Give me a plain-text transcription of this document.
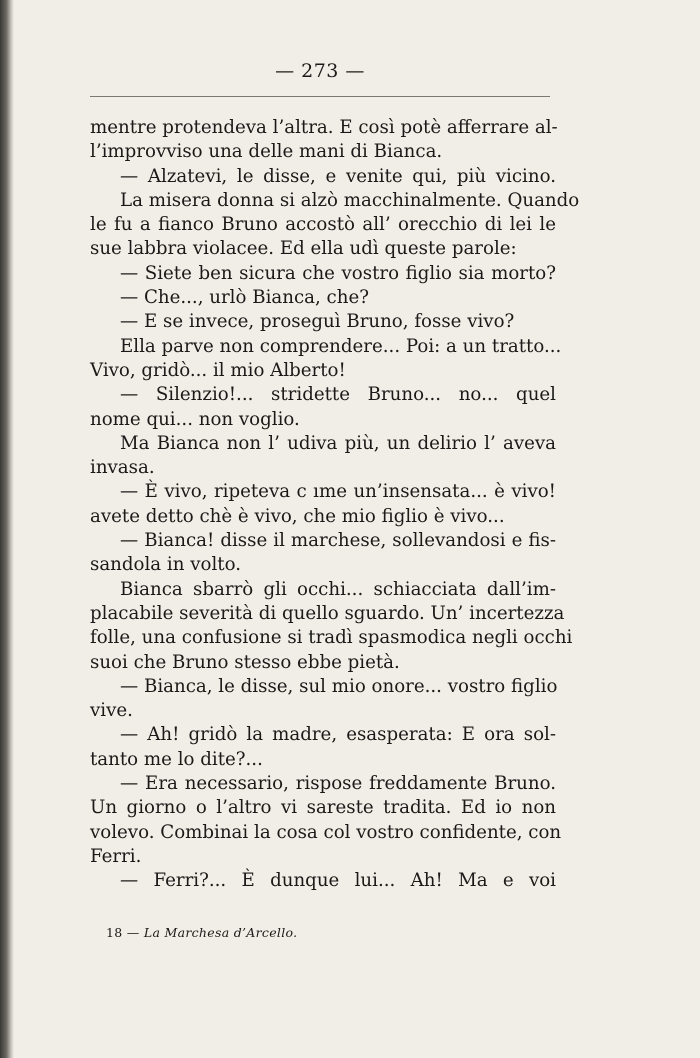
— 273 —
mentre protendeva l’altra. E così potè afferrare al-
l’improvviso una delle mani di Bianca.
— Alzatevi, le disse, e venite qui, più vicino.
La misera donna si alzò macchinalmente. Quando
le fu a fianco Bruno accostò all’ orecchio di lei le
sue labbra violacee. Ed ella udì queste parole:
— Siete ben sicura che vostro figlio sia morto?
— Che..., urlò Bianca, che?
— E se invece, proseguì Bruno, fosse vivo?
Ella parve non comprendere... Poi: a un tratto...
Vivo, gridò... il mio Alberto!
— Silenzio!... stridette Bruno... no... quel
nome qui... non voglio.
Ma Bianca non l’ udiva più, un delirio l’ aveva
invasa.
— È vivo, ripeteva c ıme un’insensata... è vivo!
avete detto chè è vivo, che mio figlio è vivo...
— Bianca! disse il marchese, sollevandosi e fis-
sandola in volto.
Bianca sbarrò gli occhi... schiacciata dall’im-
placabile severità di quello sguardo. Un’ incertezza
folle, una confusione si tradì spasmodica negli occhi
suoi che Bruno stesso ebbe pietà.
— Bianca, le disse, sul mio onore... vostro figlio
vive.
— Ah! gridò la madre, esasperata: E ora sol-
tanto me lo dite?...
— Era necessario, rispose freddamente Bruno.
Un giorno o l’altro vi sareste tradita. Ed io non
volevo. Combinai la cosa col vostro confidente, con
Ferri.
— Ferri?... È dunque lui... Ah! Ma e voi
18 — La Marchesa d’Arcello.
